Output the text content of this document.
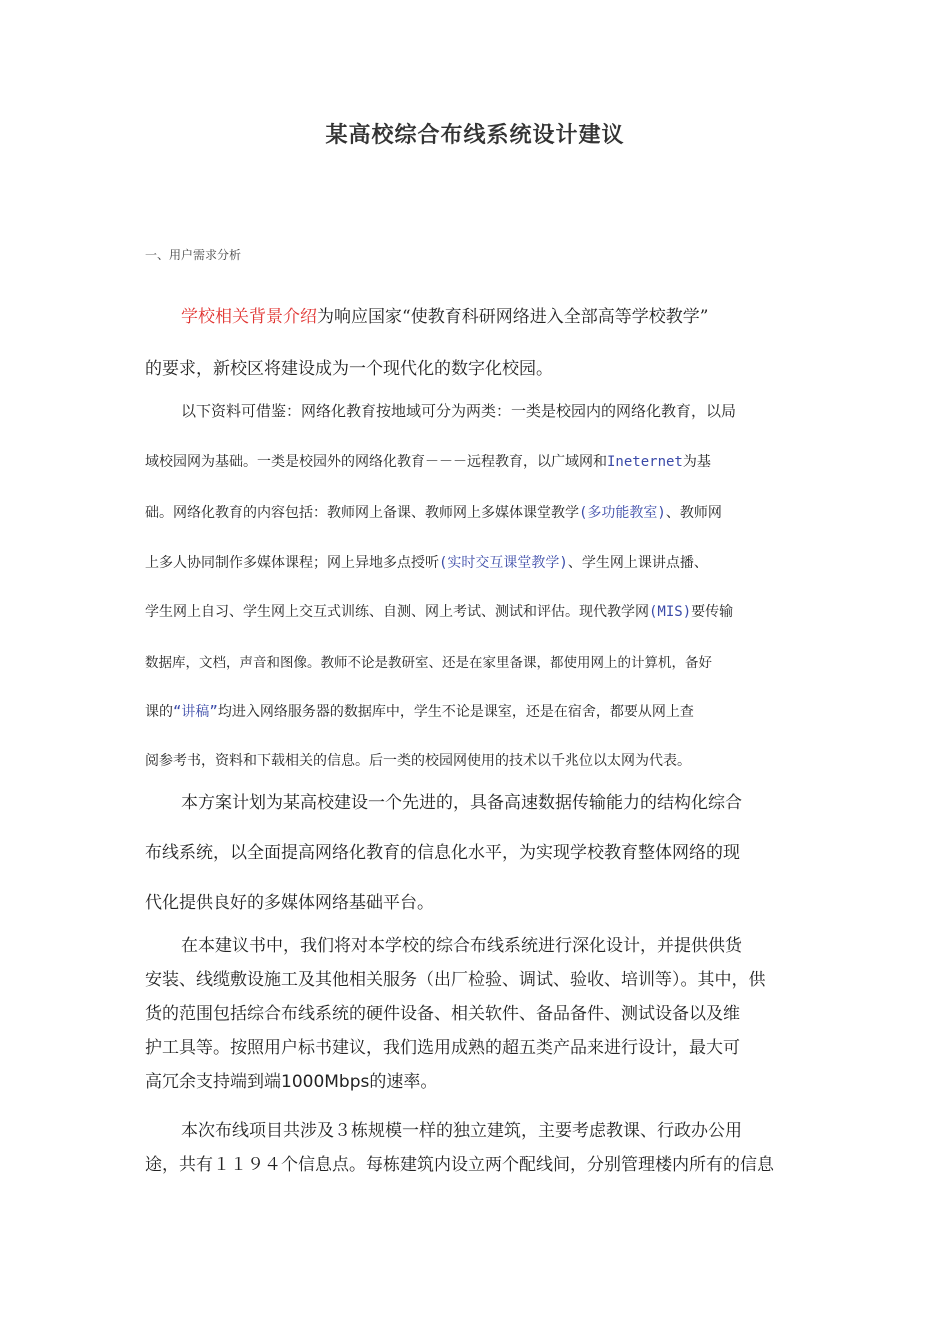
某高校综合布线系统设计建议
一、用户需求分析
学校相关背景介绍为响应国家“使教育科研网络进入全部高等学校教学”
的要求，新校区将建设成为一个现代化的数字化校园。
以下资料可借鉴：网络化教育按地域可分为两类：一类是校园内的网络化教育，以局
域校园网为基础。一类是校园外的网络化教育－－－远程教育，以广域网和Ineternet为基
础。网络化教育的内容包括：教师网上备课、教师网上多媒体课堂教学(多功能教室)、教师网
上多人协同制作多媒体课程；网上异地多点授听(实时交互课堂教学)、学生网上课讲点播、
学生网上自习、学生网上交互式训练、自测、网上考试、测试和评估。现代教学网(MIS)要传输
数据库，文档，声音和图像。教师不论是教研室、还是在家里备课，都使用网上的计算机，备好
课的“讲稿”均进入网络服务器的数据库中，学生不论是课室，还是在宿舍，都要从网上查
阅参考书，资料和下载相关的信息。后一类的校园网使用的技术以千兆位以太网为代表。
本方案计划为某高校建设一个先进的，具备高速数据传输能力的结构化综合
布线系统，以全面提高网络化教育的信息化水平，为实现学校教育整体网络的现
代化提供良好的多媒体网络基础平台。
在本建议书中，我们将对本学校的综合布线系统进行深化设计，并提供供货
安装、线缆敷设施工及其他相关服务（出厂检验、调试、验收、培训等）。其中，供
货的范围包括综合布线系统的硬件设备、相关软件、备品备件、测试设备以及维
护工具等。按照用户标书建议，我们选用成熟的超五类产品来进行设计，最大可
高冗余支持端到端1000Mbps的速率。
本次布线项目共涉及３栋规模一样的独立建筑，主要考虑教课、行政办公用
途，共有１１９４个信息点。每栋建筑内设立两个配线间，分别管理楼内所有的信息
